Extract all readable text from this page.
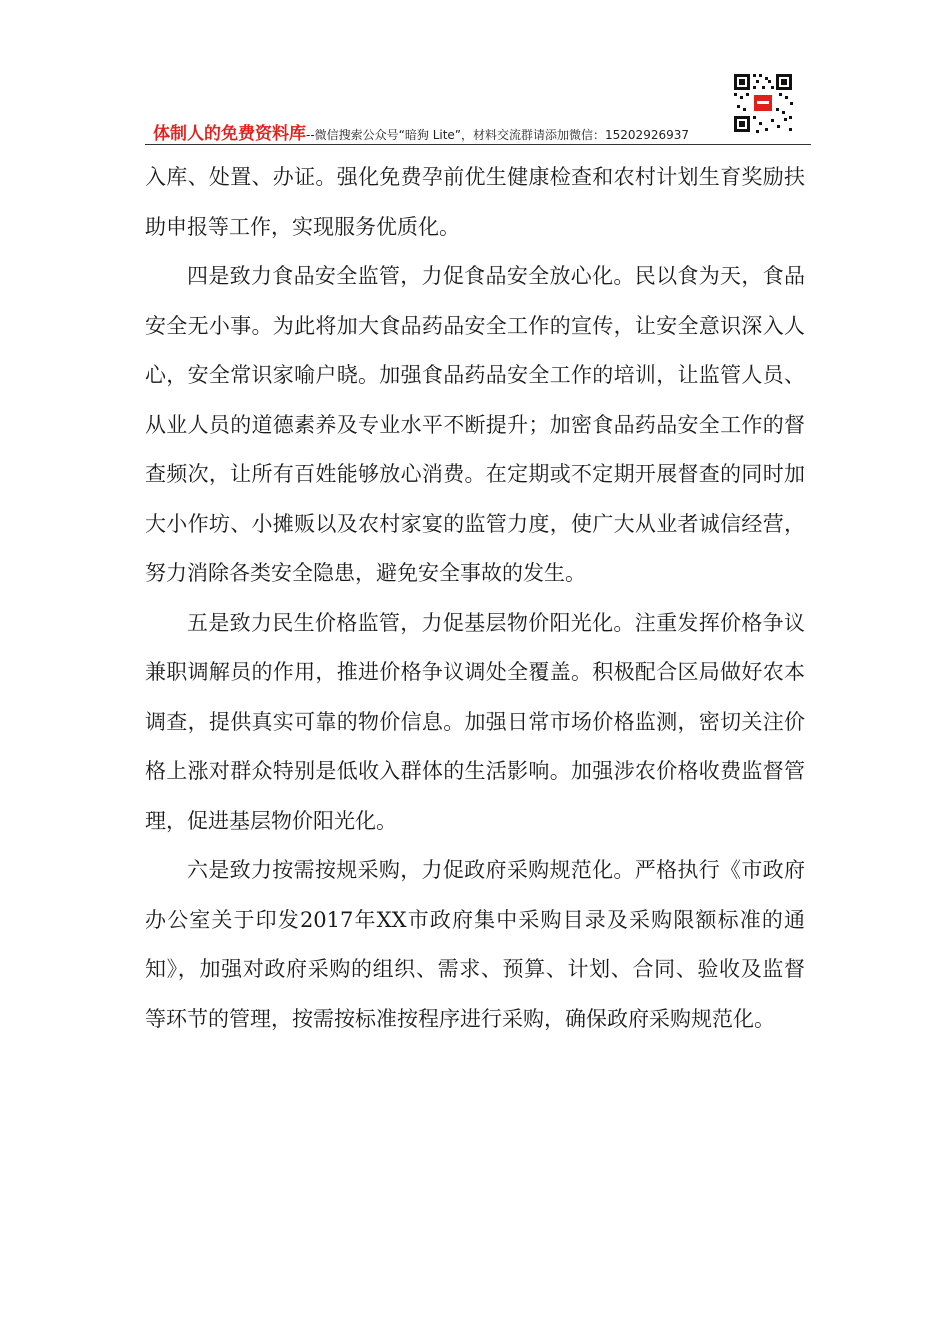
体制人的免费资料库--微信搜索公众号“暗狗 Lite”，材料交流群请添加微信：15202926937

入库、处置、办证。强化免费孕前优生健康检查和农村计划生育奖励扶助申报等工作，实现服务优质化。

四是致力食品安全监管，力促食品安全放心化。民以食为天，食品安全无小事。为此将加大食品药品安全工作的宣传，让安全意识深入人心，安全常识家喻户晓。加强食品药品安全工作的培训，让监管人员、从业人员的道德素养及专业水平不断提升；加密食品药品安全工作的督查频次，让所有百姓能够放心消费。在定期或不定期开展督查的同时加大小作坊、小摊贩以及农村家宴的监管力度，使广大从业者诚信经营，努力消除各类安全隐患，避免安全事故的发生。

五是致力民生价格监管，力促基层物价阳光化。注重发挥价格争议兼职调解员的作用，推进价格争议调处全覆盖。积极配合区局做好农本调查，提供真实可靠的物价信息。加强日常市场价格监测，密切关注价格上涨对群众特别是低收入群体的生活影响。加强涉农价格收费监督管理，促进基层物价阳光化。

六是致力按需按规采购，力促政府采购规范化。严格执行《市政府办公室关于印发2017年XX市政府集中采购目录及采购限额标准的通知》，加强对政府采购的组织、需求、预算、计划、合同、验收及监督等环节的管理，按需按标准按程序进行采购，确保政府采购规范化。
